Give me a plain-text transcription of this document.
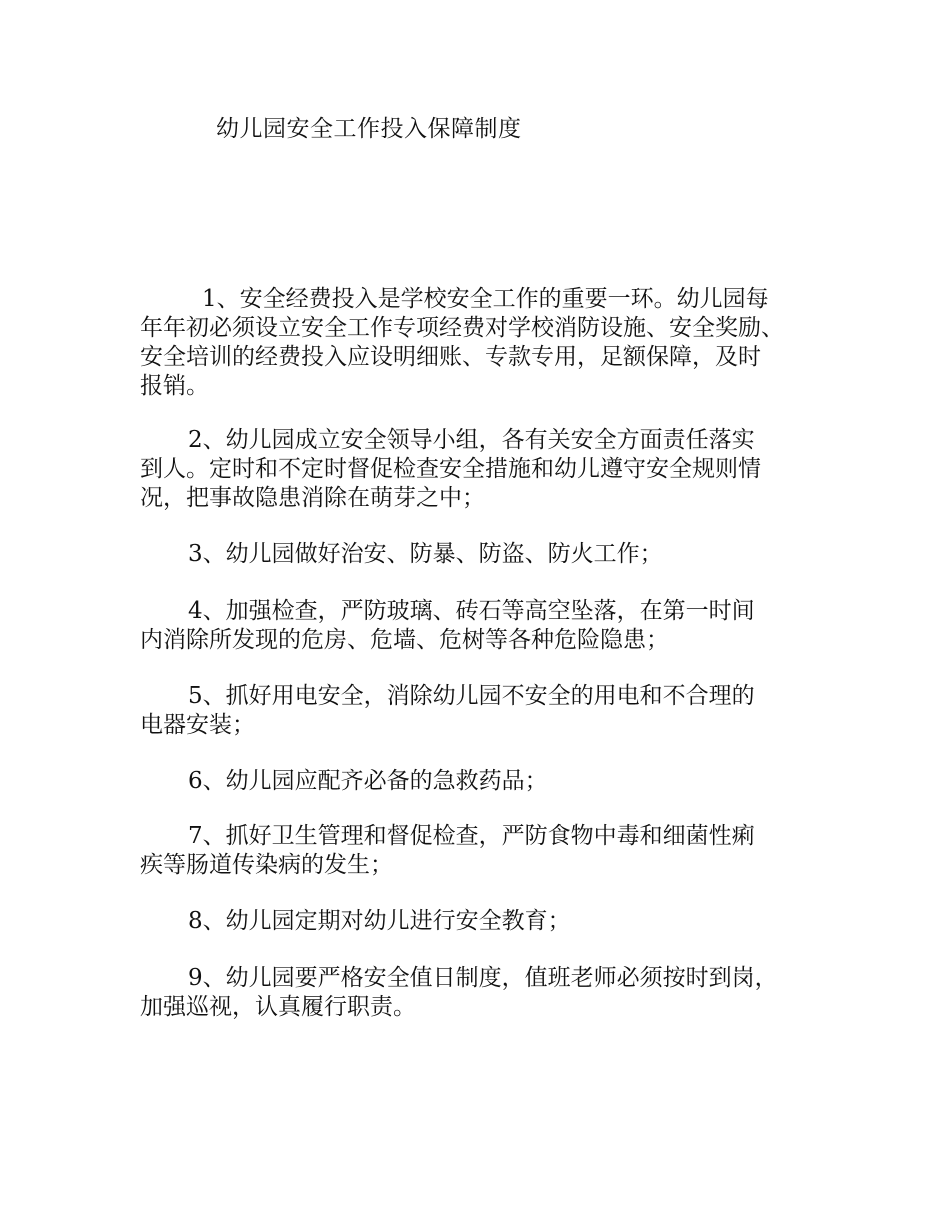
幼儿园安全工作投入保障制度
1、安全经费投入是学校安全工作的重要一环。幼儿园每
年年初必须设立安全工作专项经费对学校消防设施、安全奖励、
安全培训的经费投入应设明细账、专款专用，足额保障，及时
报销。
2、幼儿园成立安全领导小组，各有关安全方面责任落实
到人。定时和不定时督促检查安全措施和幼儿遵守安全规则情
况，把事故隐患消除在萌芽之中；
3、幼儿园做好治安、防暴、防盗、防火工作；
4、加强检查，严防玻璃、砖石等高空坠落，在第一时间
内消除所发现的危房、危墙、危树等各种危险隐患；
5、抓好用电安全，消除幼儿园不安全的用电和不合理的
电器安装；
6、幼儿园应配齐必备的急救药品；
7、抓好卫生管理和督促检查，严防食物中毒和细菌性痢
疾等肠道传染病的发生；
8、幼儿园定期对幼儿进行安全教育；
9、幼儿园要严格安全值日制度，值班老师必须按时到岗，
加强巡视，认真履行职责。
